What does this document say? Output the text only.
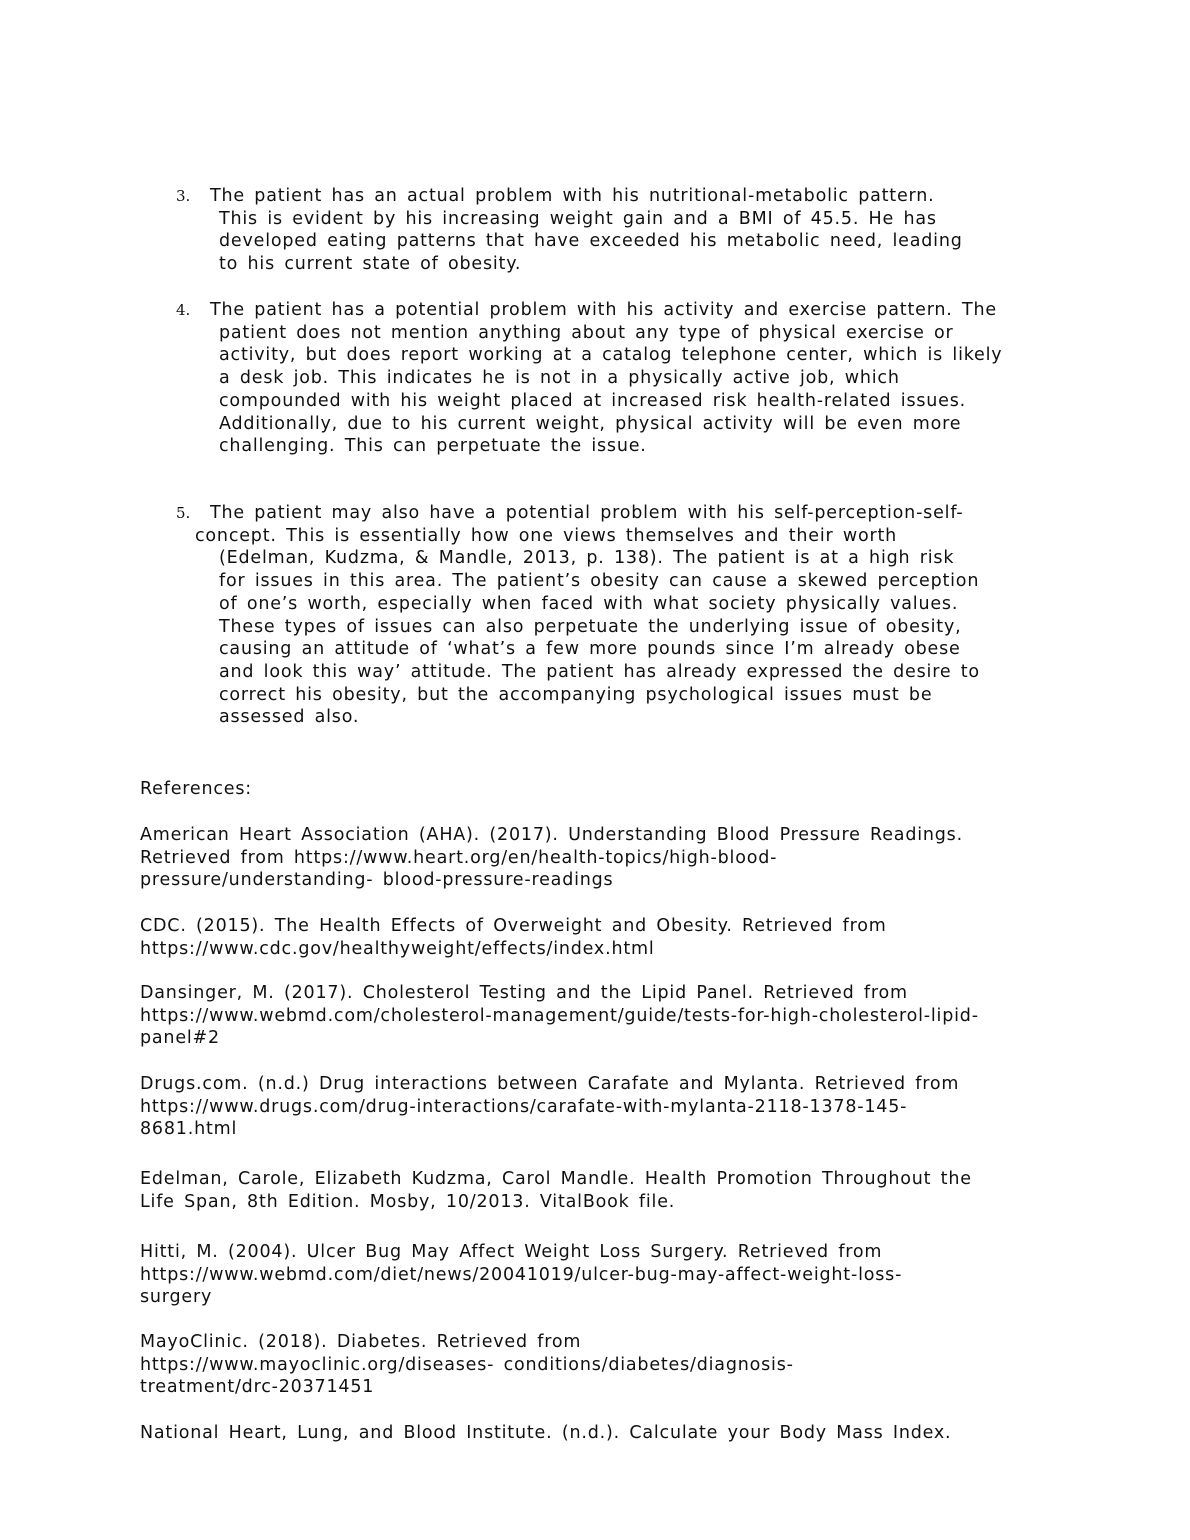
3. The patient has an actual problem with his nutritional-metabolic pattern.
This is evident by his increasing weight gain and a BMI of 45.5. He has
developed eating patterns that have exceeded his metabolic need, leading
to his current state of obesity.
4. The patient has a potential problem with his activity and exercise pattern. The
patient does not mention anything about any type of physical exercise or
activity, but does report working at a catalog telephone center, which is likely
a desk job. This indicates he is not in a physically active job, which
compounded with his weight placed at increased risk health-related issues.
Additionally, due to his current weight, physical activity will be even more
challenging. This can perpetuate the issue.
5. The patient may also have a potential problem with his self-perception-self-
concept. This is essentially how one views themselves and their worth
(Edelman, Kudzma, & Mandle, 2013, p. 138). The patient is at a high risk
for issues in this area. The patient’s obesity can cause a skewed perception
of one’s worth, especially when faced with what society physically values.
These types of issues can also perpetuate the underlying issue of obesity,
causing an attitude of ‘what’s a few more pounds since I’m already obese
and look this way’ attitude. The patient has already expressed the desire to
correct his obesity, but the accompanying psychological issues must be
assessed also.
References:
American Heart Association (AHA). (2017). Understanding Blood Pressure Readings.
Retrieved from https://www.heart.org/en/health-topics/high-blood-
pressure/understanding- blood-pressure-readings
CDC. (2015). The Health Effects of Overweight and Obesity. Retrieved from
https://www.cdc.gov/healthyweight/effects/index.html
Dansinger, M. (2017). Cholesterol Testing and the Lipid Panel. Retrieved from
https://www.webmd.com/cholesterol-management/guide/tests-for-high-cholesterol-lipid-
panel#2
Drugs.com. (n.d.) Drug interactions between Carafate and Mylanta. Retrieved from
https://www.drugs.com/drug-interactions/carafate-with-mylanta-2118-1378-145-
8681.html
Edelman, Carole, Elizabeth Kudzma, Carol Mandle. Health Promotion Throughout the
Life Span, 8th Edition. Mosby, 10/2013. VitalBook file.
Hitti, M. (2004). Ulcer Bug May Affect Weight Loss Surgery. Retrieved from
https://www.webmd.com/diet/news/20041019/ulcer-bug-may-affect-weight-loss-
surgery
MayoClinic. (2018). Diabetes. Retrieved from
https://www.mayoclinic.org/diseases- conditions/diabetes/diagnosis-
treatment/drc-20371451
National Heart, Lung, and Blood Institute. (n.d.). Calculate your Body Mass Index.
